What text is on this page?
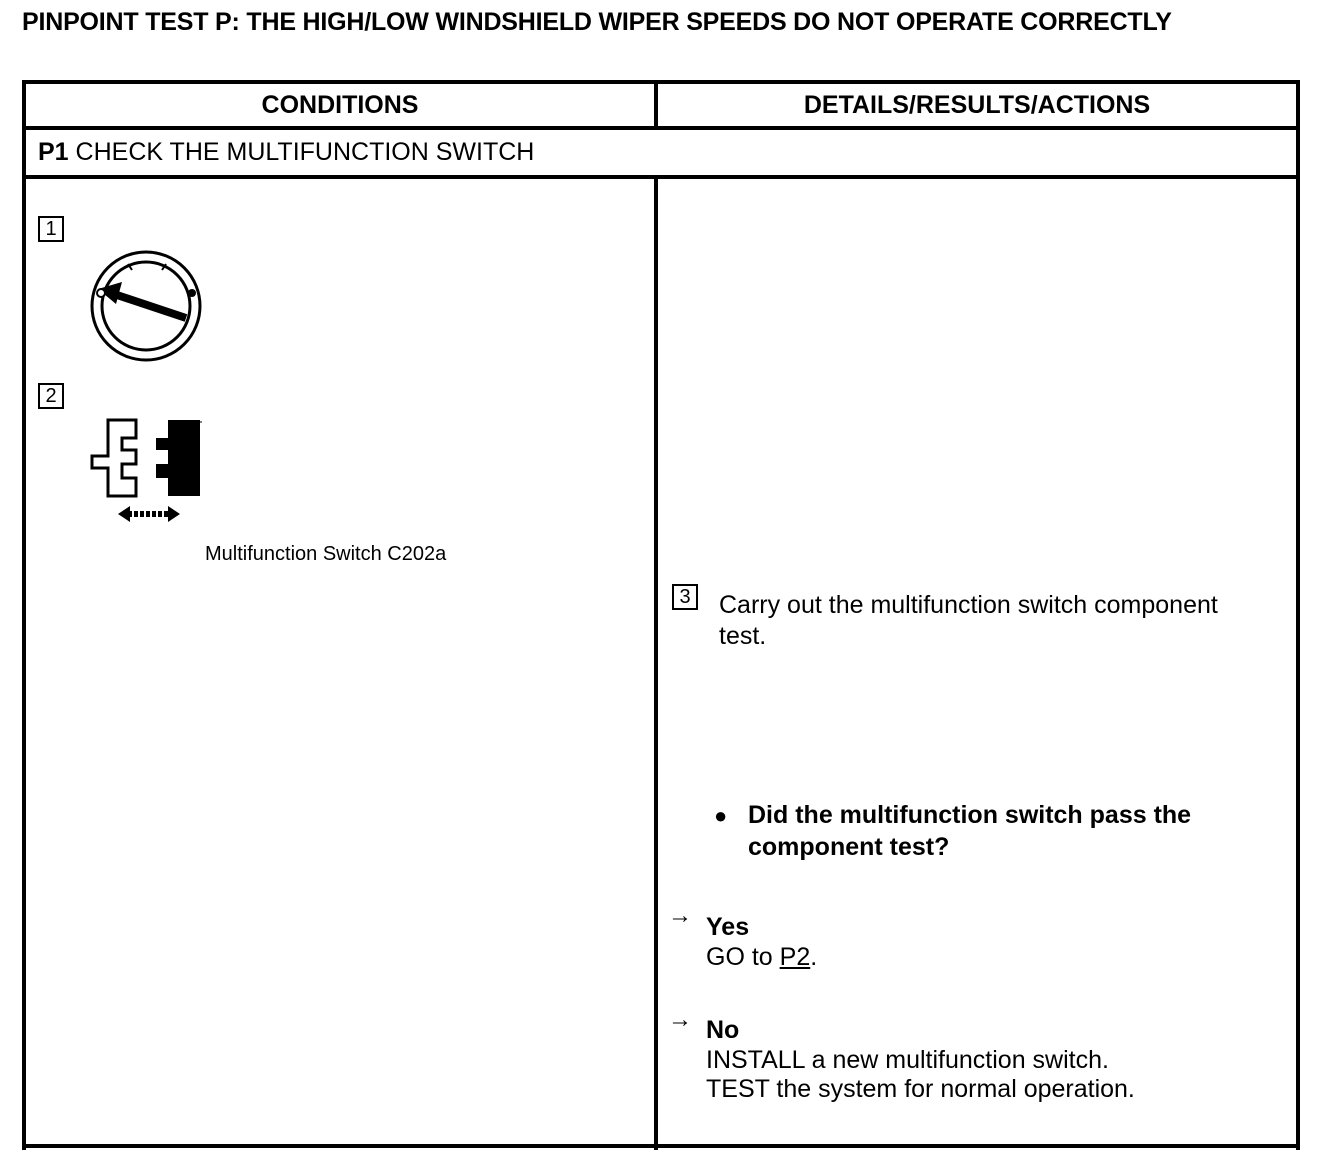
PINPOINT TEST P: THE HIGH/LOW WINDSHIELD WIPER SPEEDS DO NOT OPERATE CORRECTLY
CONDITIONS	DETAILS/RESULTS/ACTIONS
P1 CHECK THE MULTIFUNCTION SWITCH
1
2
Multifunction Switch C202a
3 Carry out the multifunction switch component
test.
● Did the multifunction switch pass the
component test?
→ Yes
GO to P2.
→ No
INSTALL a new multifunction switch.
TEST the system for normal operation.
